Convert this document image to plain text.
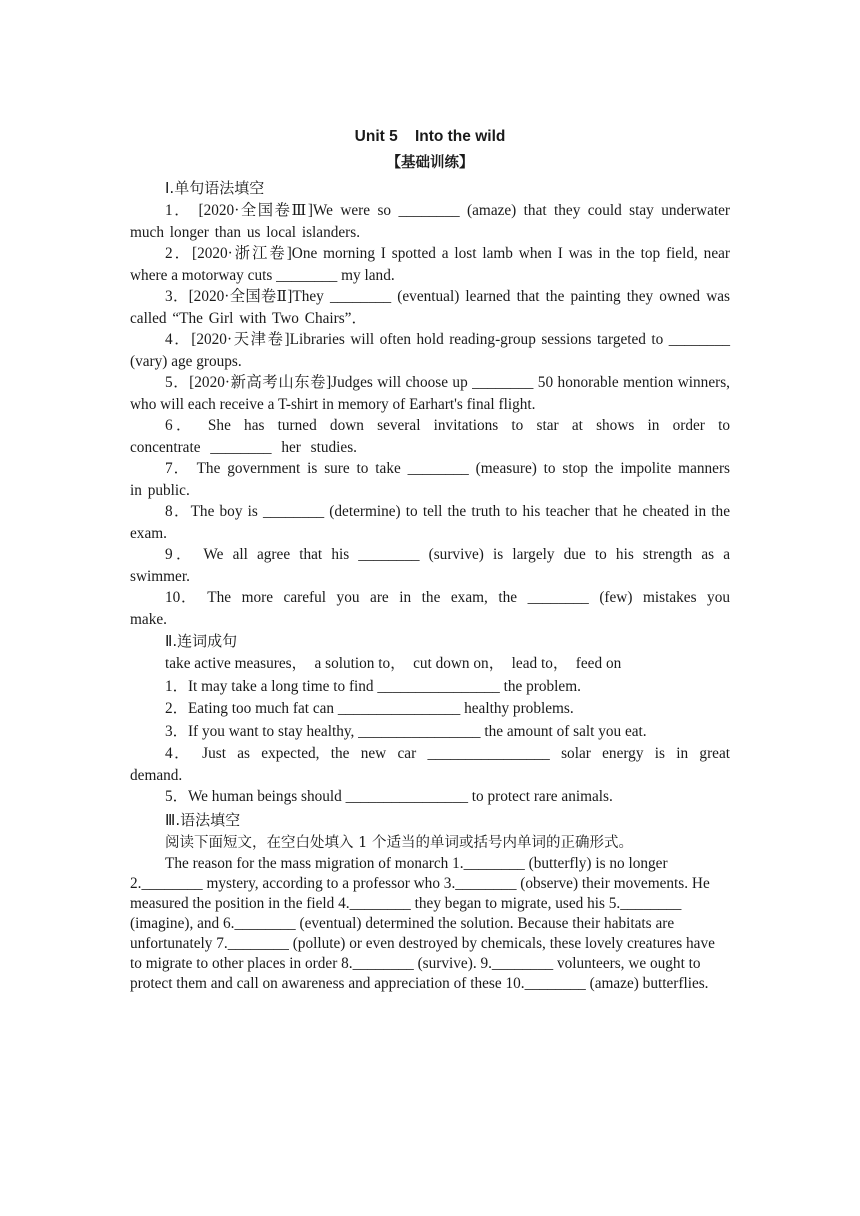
Unit 5    Into the wild
【基础训练】
Ⅰ.单句语法填空
1． [2020·全国卷Ⅲ]We were so ________ (amaze) that they could stay underwater much longer than us local islanders.
2．[2020·浙江卷]One morning I spotted a lost lamb when I was in the top field, near where a motorway cuts ________ my land.
3．[2020·全国卷Ⅱ]They ________ (eventual) learned that the painting they owned was called “The Girl with Two Chairs”．
4．[2020·天津卷]Libraries will often hold reading-group sessions targeted to ________ (vary) age groups.
5．[2020·新高考山东卷]Judges will choose up ________ 50 honorable mention winners, who will each receive a T-shirt in memory of Earhart's final flight.
6． She has turned down several invitations to star at shows in order to concentrate ________ her studies.
7． The government is sure to take ________ (measure) to stop the impolite manners in public.
8．The boy is ________ (determine) to tell the truth to his teacher that he cheated in the exam.
9． We all agree that his ________ (survive) is largely due to his strength as a swimmer.
10． The more careful you are in the exam, the ________ (few) mistakes you make.
Ⅱ.连词成句
take active measures，  a solution to，  cut down on，  lead to，  feed on
1．It may take a long time to find ________________ the problem.
2．Eating too much fat can ________________ healthy problems.
3．If you want to stay healthy, ________________ the amount of salt you eat.
4． Just as expected, the new car ________________ solar energy is in great demand.
5．We human beings should ________________ to protect rare animals.
Ⅲ.语法填空
阅读下面短文，在空白处填入 1 个适当的单词或括号内单词的正确形式。
The reason for the mass migration of monarch 1.________ (butterfly) is no longer 2.________ mystery, according to a professor who 3.________ (observe) their movements. He measured the position in the field 4.________ they began to migrate, used his 5.________ (imagine), and 6.________ (eventual) determined the solution. Because their habitats are unfortunately 7.________ (pollute) or even destroyed by chemicals, these lovely creatures have to migrate to other places in order 8.________ (survive). 9.________ volunteers, we ought to protect them and call on awareness and appreciation of these 10.________ (amaze) butterflies.
